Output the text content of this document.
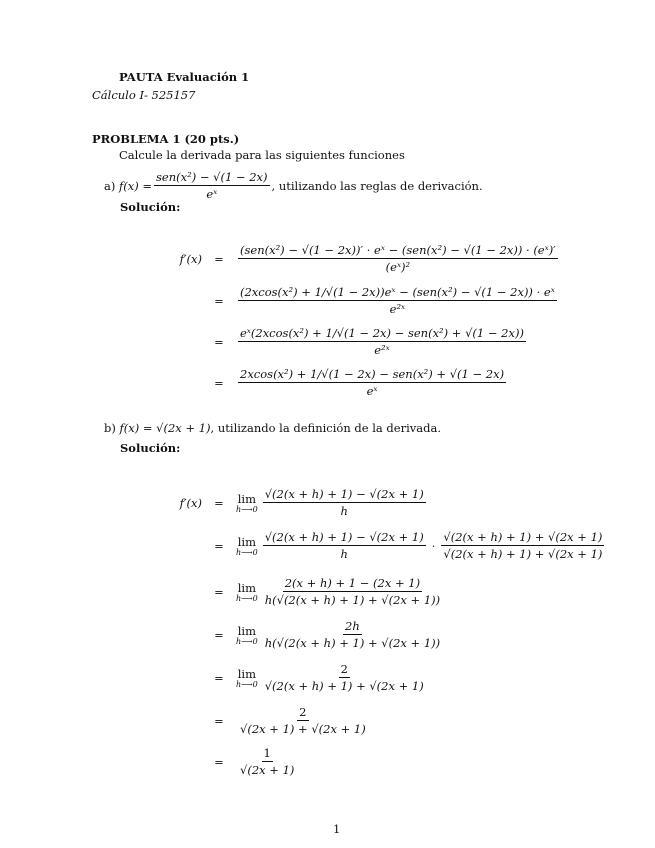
PAUTA Evaluación 1
Cálculo I- 525157
PROBLEMA 1 (20 pts.)
Calcule la derivada para las siguientes funciones
a)
$f(x) = \frac{\text{sen(x²) − √(1 − 2x)}}{\text{eˣ}}$ , utilizando las reglas de derivación.
Solución:
f′(x)	=	$\frac{\text{(sen(x²) − √(1 − 2x))′ · eˣ − (sen(x²) − √(1 − 2x)) · (eˣ)′}}{\text{(eˣ)²}}$
=	$\frac{\text{(2xcos(x²) + 1/√(1 − 2x))eˣ − (sen(x²) − √(1 − 2x)) · eˣ}}{\text{e²ˣ}}$
=	$\frac{\text{eˣ(2xcos(x²) + 1/√(1 − 2x) − sen(x²) + √(1 − 2x))}}{\text{e²ˣ}}$
=	$\frac{\text{2xcos(x²) + 1/√(1 − 2x) − sen(x²) + √(1 − 2x)}}{\text{eˣ}}$
b)
f(x) = √(2x + 1) , utilizando la definición de la derivada.
Solución:
f′(x)	=	lim
h⟶0 $\frac{√(2(x + h) + 1) - √(2x + 1)}{h}$
=	lim
h⟶0 $\frac{√(2(x + h) + 1) - √(2x + 1)}{h} \cdot \frac{√(2(x + h) + 1) + √(2x + 1)}{√(2(x + h) + 1) + √(2x + 1)}$
=	lim
h⟶0 $\frac{2(x + h) + 1 - (2x + 1)}{h(√(2(x + h) + 1) + √(2x + 1))}$
=	lim
h⟶0 $\frac{2h}{h(√(2(x + h) + 1) + √(2x + 1))}$
=	lim
h⟶0 $\frac{2}{√(2(x + h) + 1) + √(2x + 1)}$
=	$\frac{2}{√(2x + 1) + √(2x + 1)}$
=	$\frac{1}{√(2x + 1)}$
1
